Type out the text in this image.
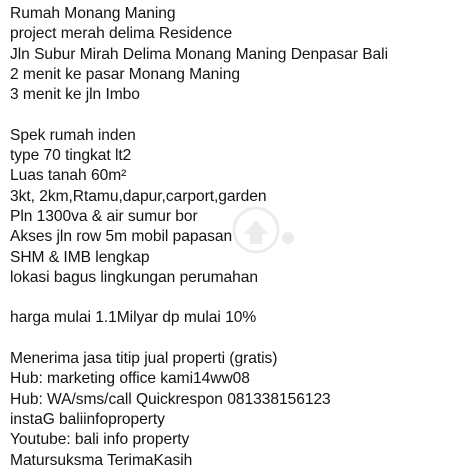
Rumah Monang Maning
project merah delima Residence
Jln Subur Mirah Delima Monang Maning Denpasar Bali
2 menit ke pasar Monang Maning
3 menit ke jln Imbo
Spek rumah inden
type 70 tingkat lt2
Luas tanah 60m²
3kt, 2km,Rtamu,dapur,carport,garden
Pln 1300va & air sumur bor
Akses jln row 5m mobil papasan
SHM & IMB lengkap
lokasi bagus lingkungan perumahan
harga mulai 1.1Milyar dp mulai 10%
Menerima jasa titip jual properti (gratis)
Hub: marketing office kami14ww08
Hub: WA/sms/call Quickrespon 081338156123
instaG baliinfoproperty
Youtube: bali info property
Matursuksma TerimaKasih
